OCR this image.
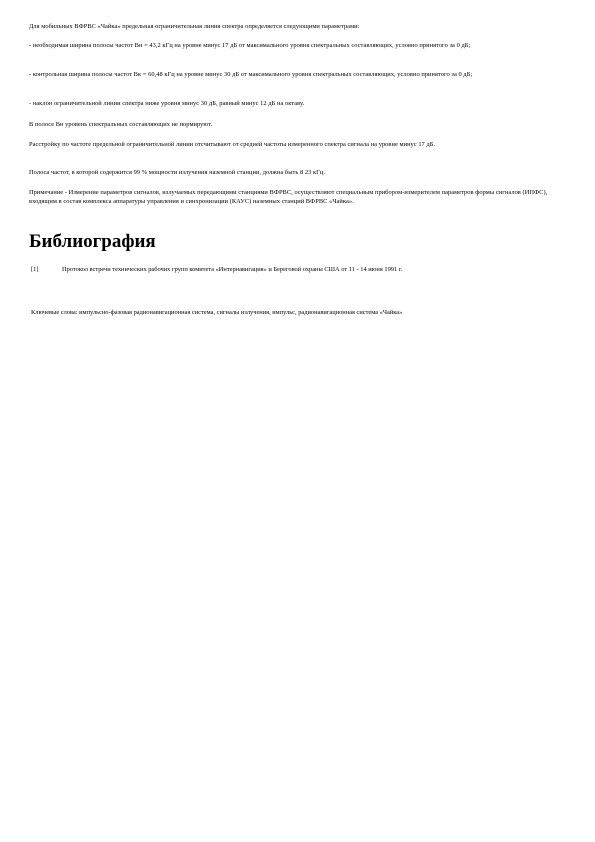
Для мобильных ВФРВС «Чайка» предельная ограничительная линия спектра определяется следующими параметрами:

- необходимая ширина полосы частот Bн = 43,2 кГц на уровне минус 17 дБ от максимального уровня спектральных составляющих, условно принятого за 0 дБ;

- контрольная ширина полосы частот Bк = 60,48 кГц на уровне минус 30 дБ от максимального уровня спектральных составляющих, условно принятого за 0 дБ;

- наклон ограничительной линии спектра ниже уровня минус 30 дБ, равный минус 12 дБ на октаву.

В полосе Bн уровень спектральных составляющих не нормируют.

Расстройку по частоте предельной ограничительной линии отсчитывают от средней частоты измеренного спектра сигнала на уровне минус 17 дБ.

Полоса частот, в которой содержится 99 % мощности излучения наземной станции, должна быть 8 23 кГц.

Примечание - Измерение параметров сигналов, излучаемых передающими станциями ВФРВС, осуществляют специальным прибором-измерителем параметров формы сигналов (ИПФС), входящим в состав комплекса аппаратуры управления и синхронизации (КАУС) наземных станций ВФРВС «Чайка».

Библиография
[1]	Протокол встречи технических рабочих групп комитета «Интернавигация» и Береговой охраны США от 11 - 14 июня 1991 г.

Ключевые слова: импульсно-фазовая радионавигационная система, сигналы излучения, импульс, радионавигационная система «Чайка»
